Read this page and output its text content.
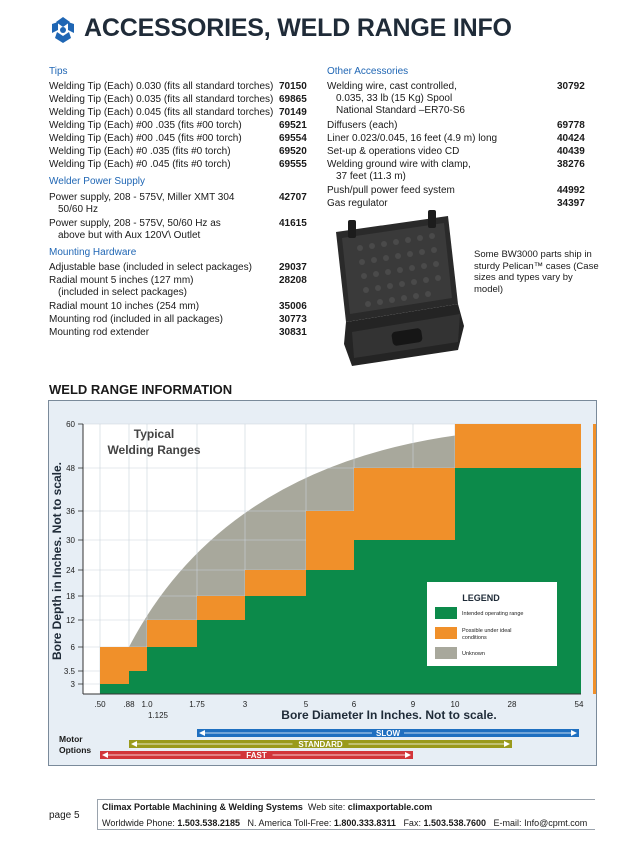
ACCESSORIES, WELD RANGE INFO
Tips
Welding Tip (Each) 0.030 (fits all standard torches) 70150
Welding Tip (Each) 0.035 (fits all standard torches) 69865
Welding Tip (Each) 0.045 (fits all standard torches) 70149
Welding Tip (Each) #00 .035 (fits #00 torch)	69521
Welding Tip (Each) #00 .045 (fits #00 torch)	69554
Welding Tip (Each) #0 .035 (fits #0 torch)	69520
Welding Tip (Each) #0 .045 (fits #0 torch)	69555
Welder Power Supply
Power supply, 208 - 575V, Miller XMT 304
50/60 Hz
42707
Power supply, 208 - 575V, 50/60 Hz as
above but with Aux 120V\ Outlet
41615
Mounting Hardware
Adjustable base (included in select packages)	29037
Radial mount 5 inches (127 mm)
(included in select packages)
28208
Radial mount 10 inches (254 mm)	35006
Mounting rod (included in all packages)	30773
Mounting rod extender	30831
Other Accessories
Welding wire, cast controlled,
0.035, 33 lb (15 Kg) Spool
National Standard –ER70-S6
30792
Diffusers (each)	69778
Liner 0.023/0.045, 16 feet (4.9 m) long	40424
Set-up & operations video CD	40439
Welding ground wire with clamp,
37 feet (11.3 m)
38276
Push/pull power feed system	44992
Gas regulator	34397
Some BW3000 parts ship in sturdy Pelican™ cases (Case sizes and types vary by model)
WELD RANGE INFORMATION
3
3.5
6
12
18
24
30
36
48
60
.50 .88 1.0
1.125
1.75	3	5	6	9	10	28	54
Typical
Welding Ranges
Bore Diameter In Inches. Not to scale.
Bore Depth in Inches. Not to scale.	LEGEND
Intended operating range
Possible under ideal
conditions
Unknown
Motor
Options
SLOW
STANDARD
FAST
page 5
Climax Portable Machining & Welding Systems Web site: climaxportable.com
Worldwide Phone: 1.503.538.2185 N. America Toll-Free: 1.800.333.8311 Fax: 1.503.538.7600 E-mail: Info@cpmt.com
